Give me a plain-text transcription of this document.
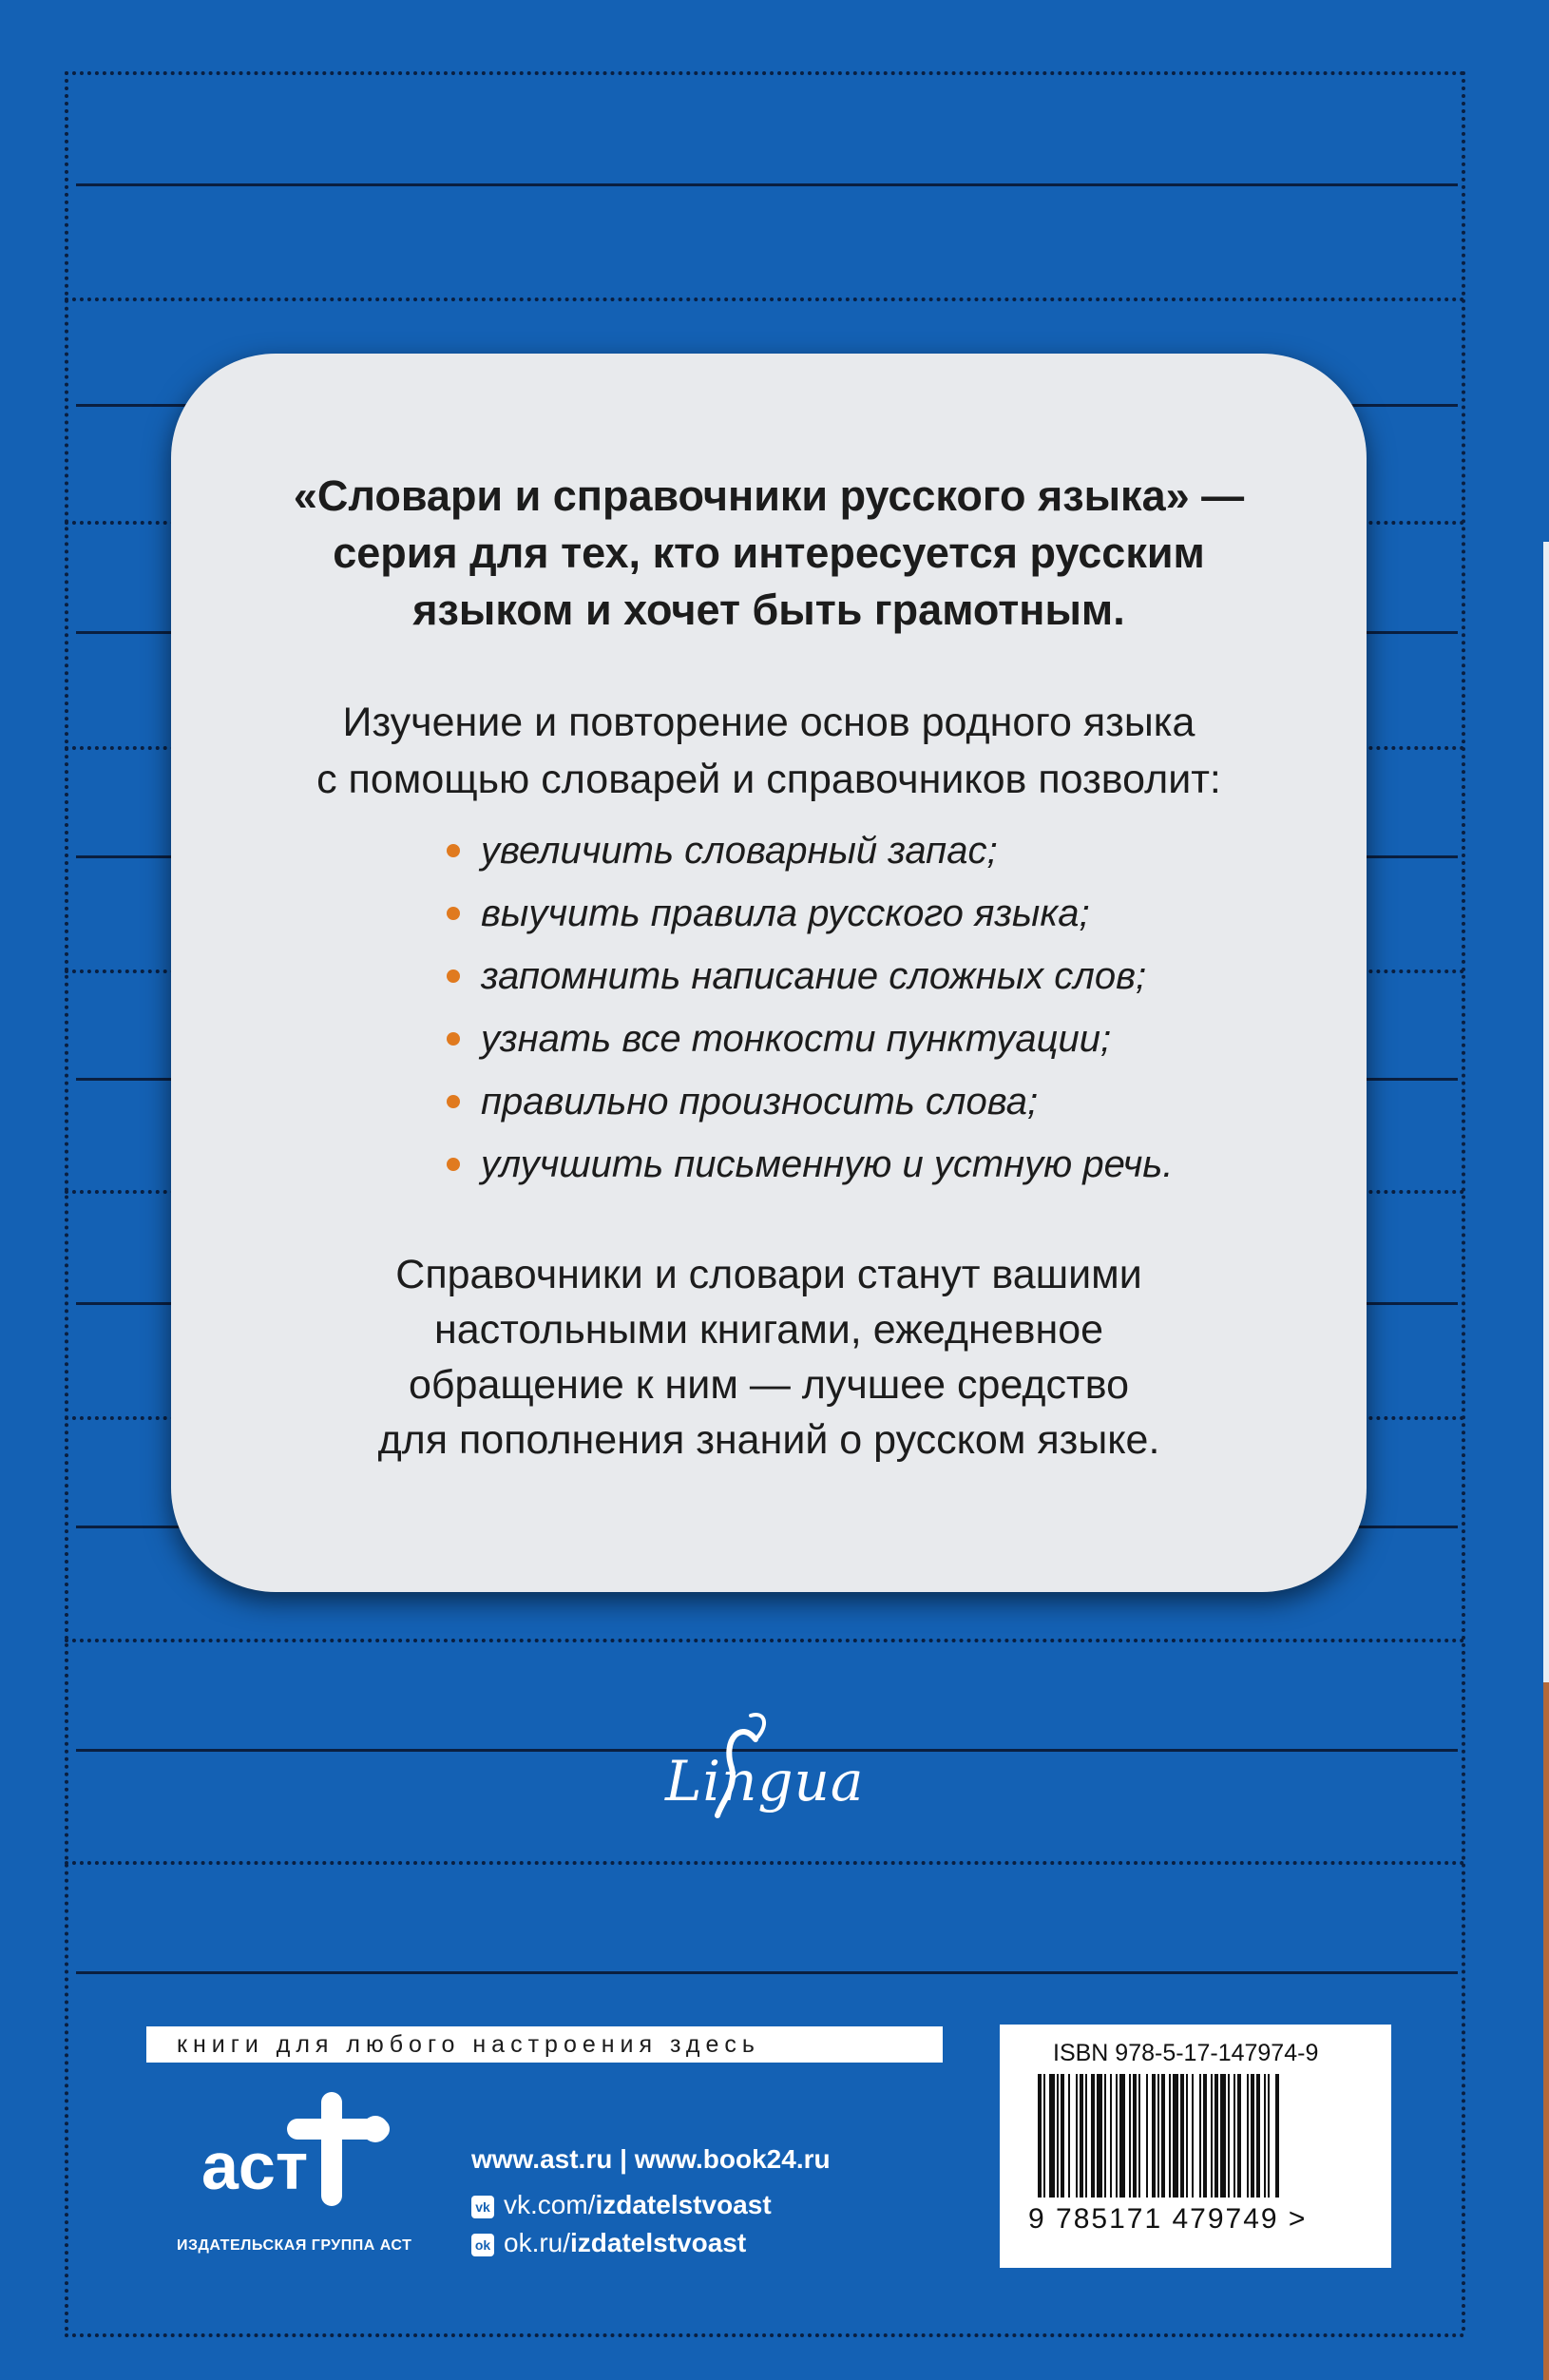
«Словари и справочники русского языка» —
серия для тех, кто интересуется русским
языком и хочет быть грамотным.
Изучение и повторение основ родного языка
с помощью словарей и справочников позволит:
увеличить словарный запас;
выучить правила русского языка;
запомнить написание сложных слов;
узнать все тонкости пунктуации;
правильно произносить слова;
улучшить письменную и устную речь.
Справочники и словари станут вашими
настольными книгами, ежедневное
обращение к ним — лучшее средство
для пополнения знаний о русском языке.
Lingua
книги для любого настроения здесь
аст
ИЗДАТЕЛЬСКАЯ ГРУППА АСТ
www.ast.ru | www.book24.ru
vk vk.com/izdatelstvoast
ok ok.ru/izdatelstvoast
ISBN 978-5-17-147974-9
9 785171 479749 >
